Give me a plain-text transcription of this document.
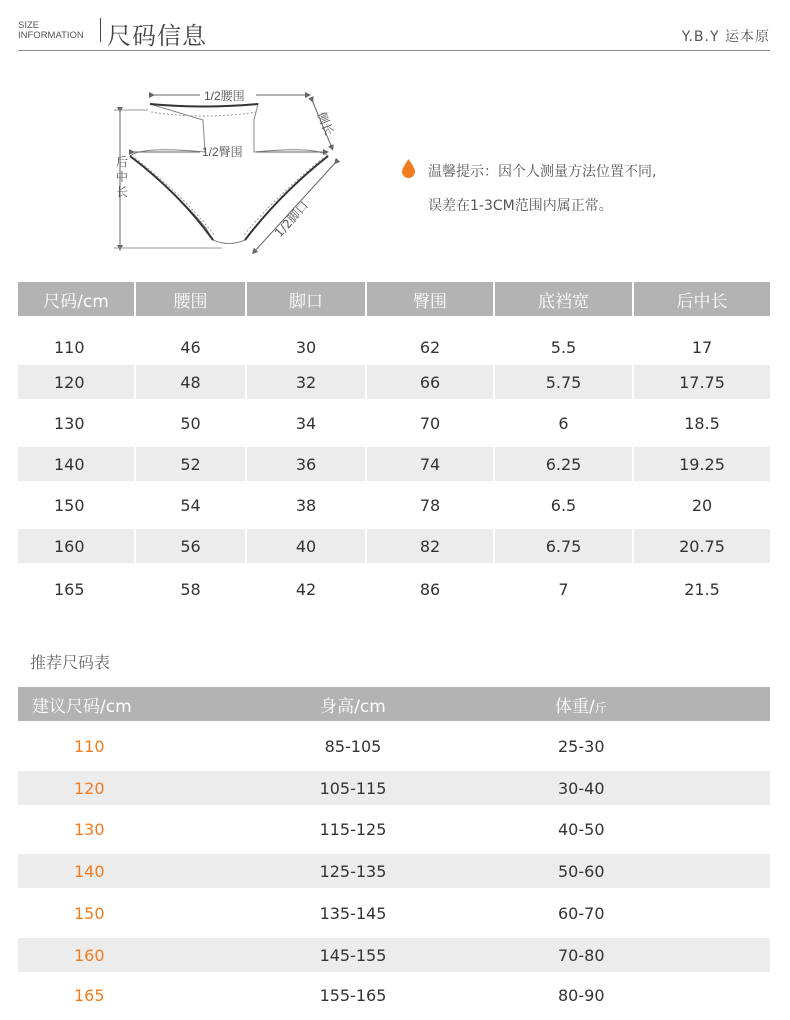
SIZE
INFORMATION 尺码信息	Y.B.Y 运本原
1/2腰围
1/2臀围
后
中
长
侧长
1/2脚口
温馨提示：因个人测量方法位置不同,
误差在1-3CM范围内属正常。
尺码/cm	腰围	脚口	臀围	底裆宽	后中长

110	46	30	62	5.5	17
120	48	32	66	5.75	17.75
130	50	34	70	6	18.5
140	52	36	74	6.25	19.25
150	54	38	78	6.5	20
160	56	40	82	6.75	20.75
165	58	42	86	7	21.5
推荐尺码表
建议尺码/cm	身高/cm	体重/斤
110	85-105	25-30
120	105-115	30-40
130	115-125	40-50
140	125-135	50-60
150	135-145	60-70
160	145-155	70-80
165	155-165	80-90
